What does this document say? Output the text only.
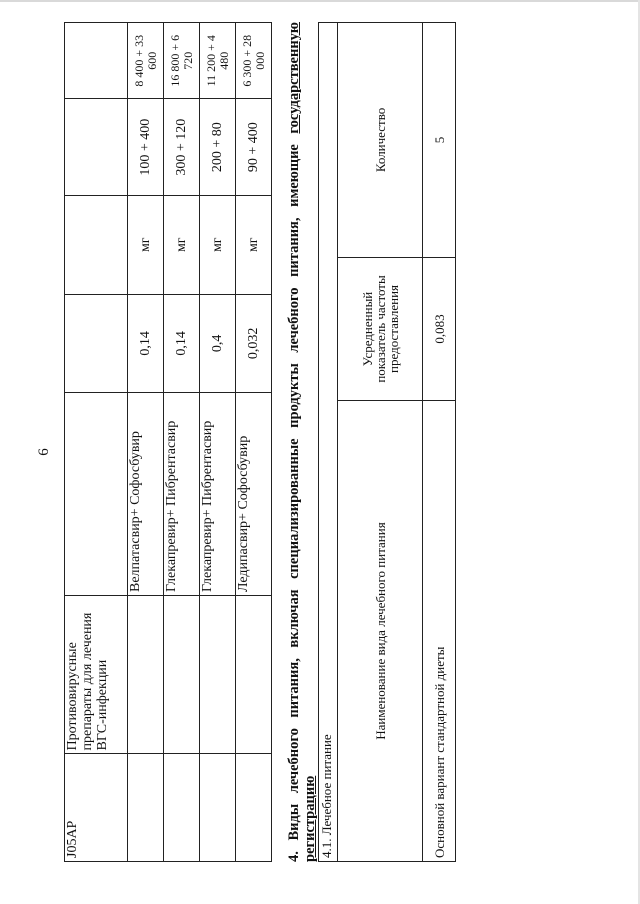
6
J05AP	Противовирусные препараты для лечения ВГС-инфекции					
		Велпатасвир+ Софосбувир	0,14	мг	100 + 400	8 400 + 33 600
		Глекапревир+ Пибрентасвир	0,14	мг	300 + 120	16 800 + 6 720
		Глекапревир+ Пибрентасвир	0,4	мг	200 + 80	11 200 + 4 480
		Ледипасвир+ Софосбувир	0,032	мг	90 + 400	6 300 + 28 000
4. Виды лечебного питания, включая специализированные продукты лечебного питания, имеющие государственную регистрацию 4.1. Лечебное питание		
Наименование вида лечебного питания	Усредненный показатель частоты предоставления	Количество
Основной вариант стандартной диеты	0,083	5
